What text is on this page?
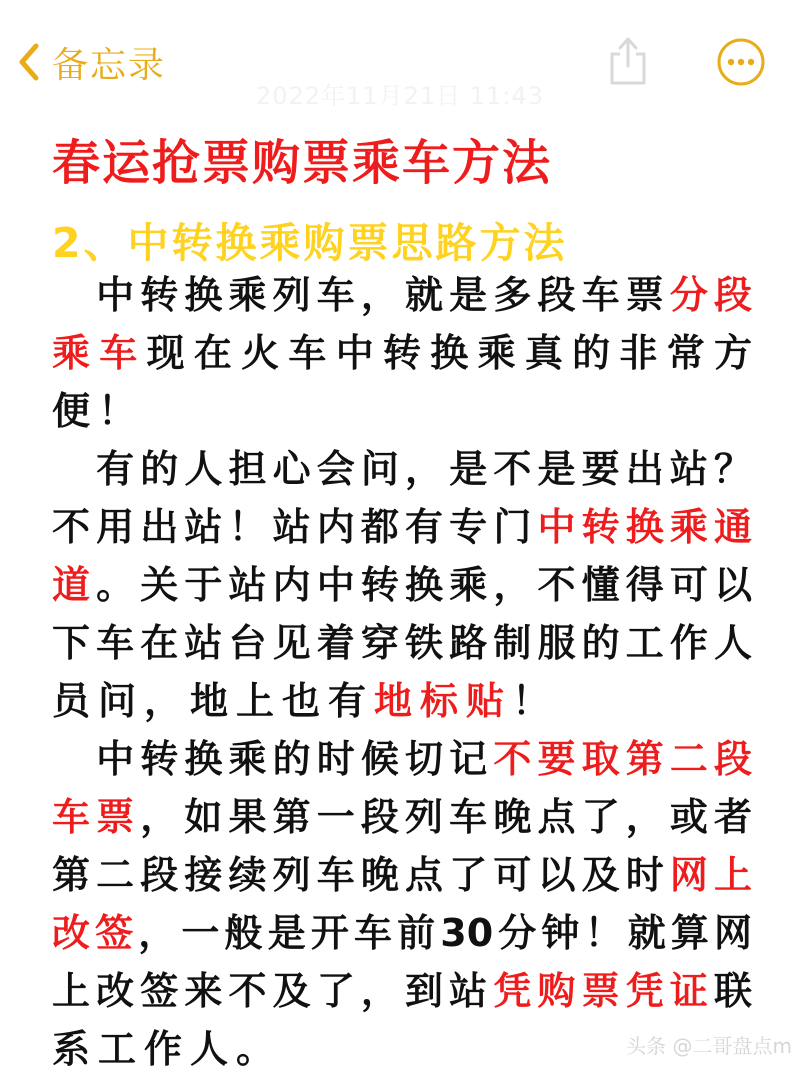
备忘录
2022年11月21日 11:43
春运抢票购票乘车方法
2、中转换乘购票思路方法
　中转换乘列车，就是多段车票分段
乘车现在火车中转换乘真的非常方
便！
　有的人担心会问，是不是要出站？
不用出站！站内都有专门中转换乘通
道。关于站内中转换乘，不懂得可以
下车在站台见着穿铁路制服的工作人
员问，地上也有地标贴！
　中转换乘的时候切记不要取第二段
车票，如果第一段列车晚点了，或者
第二段接续列车晚点了可以及时网上
改签，一般是开车前30分钟！就算网
上改签来不及了，到站凭购票凭证联
系工作人。	头条 @二哥盘点m
